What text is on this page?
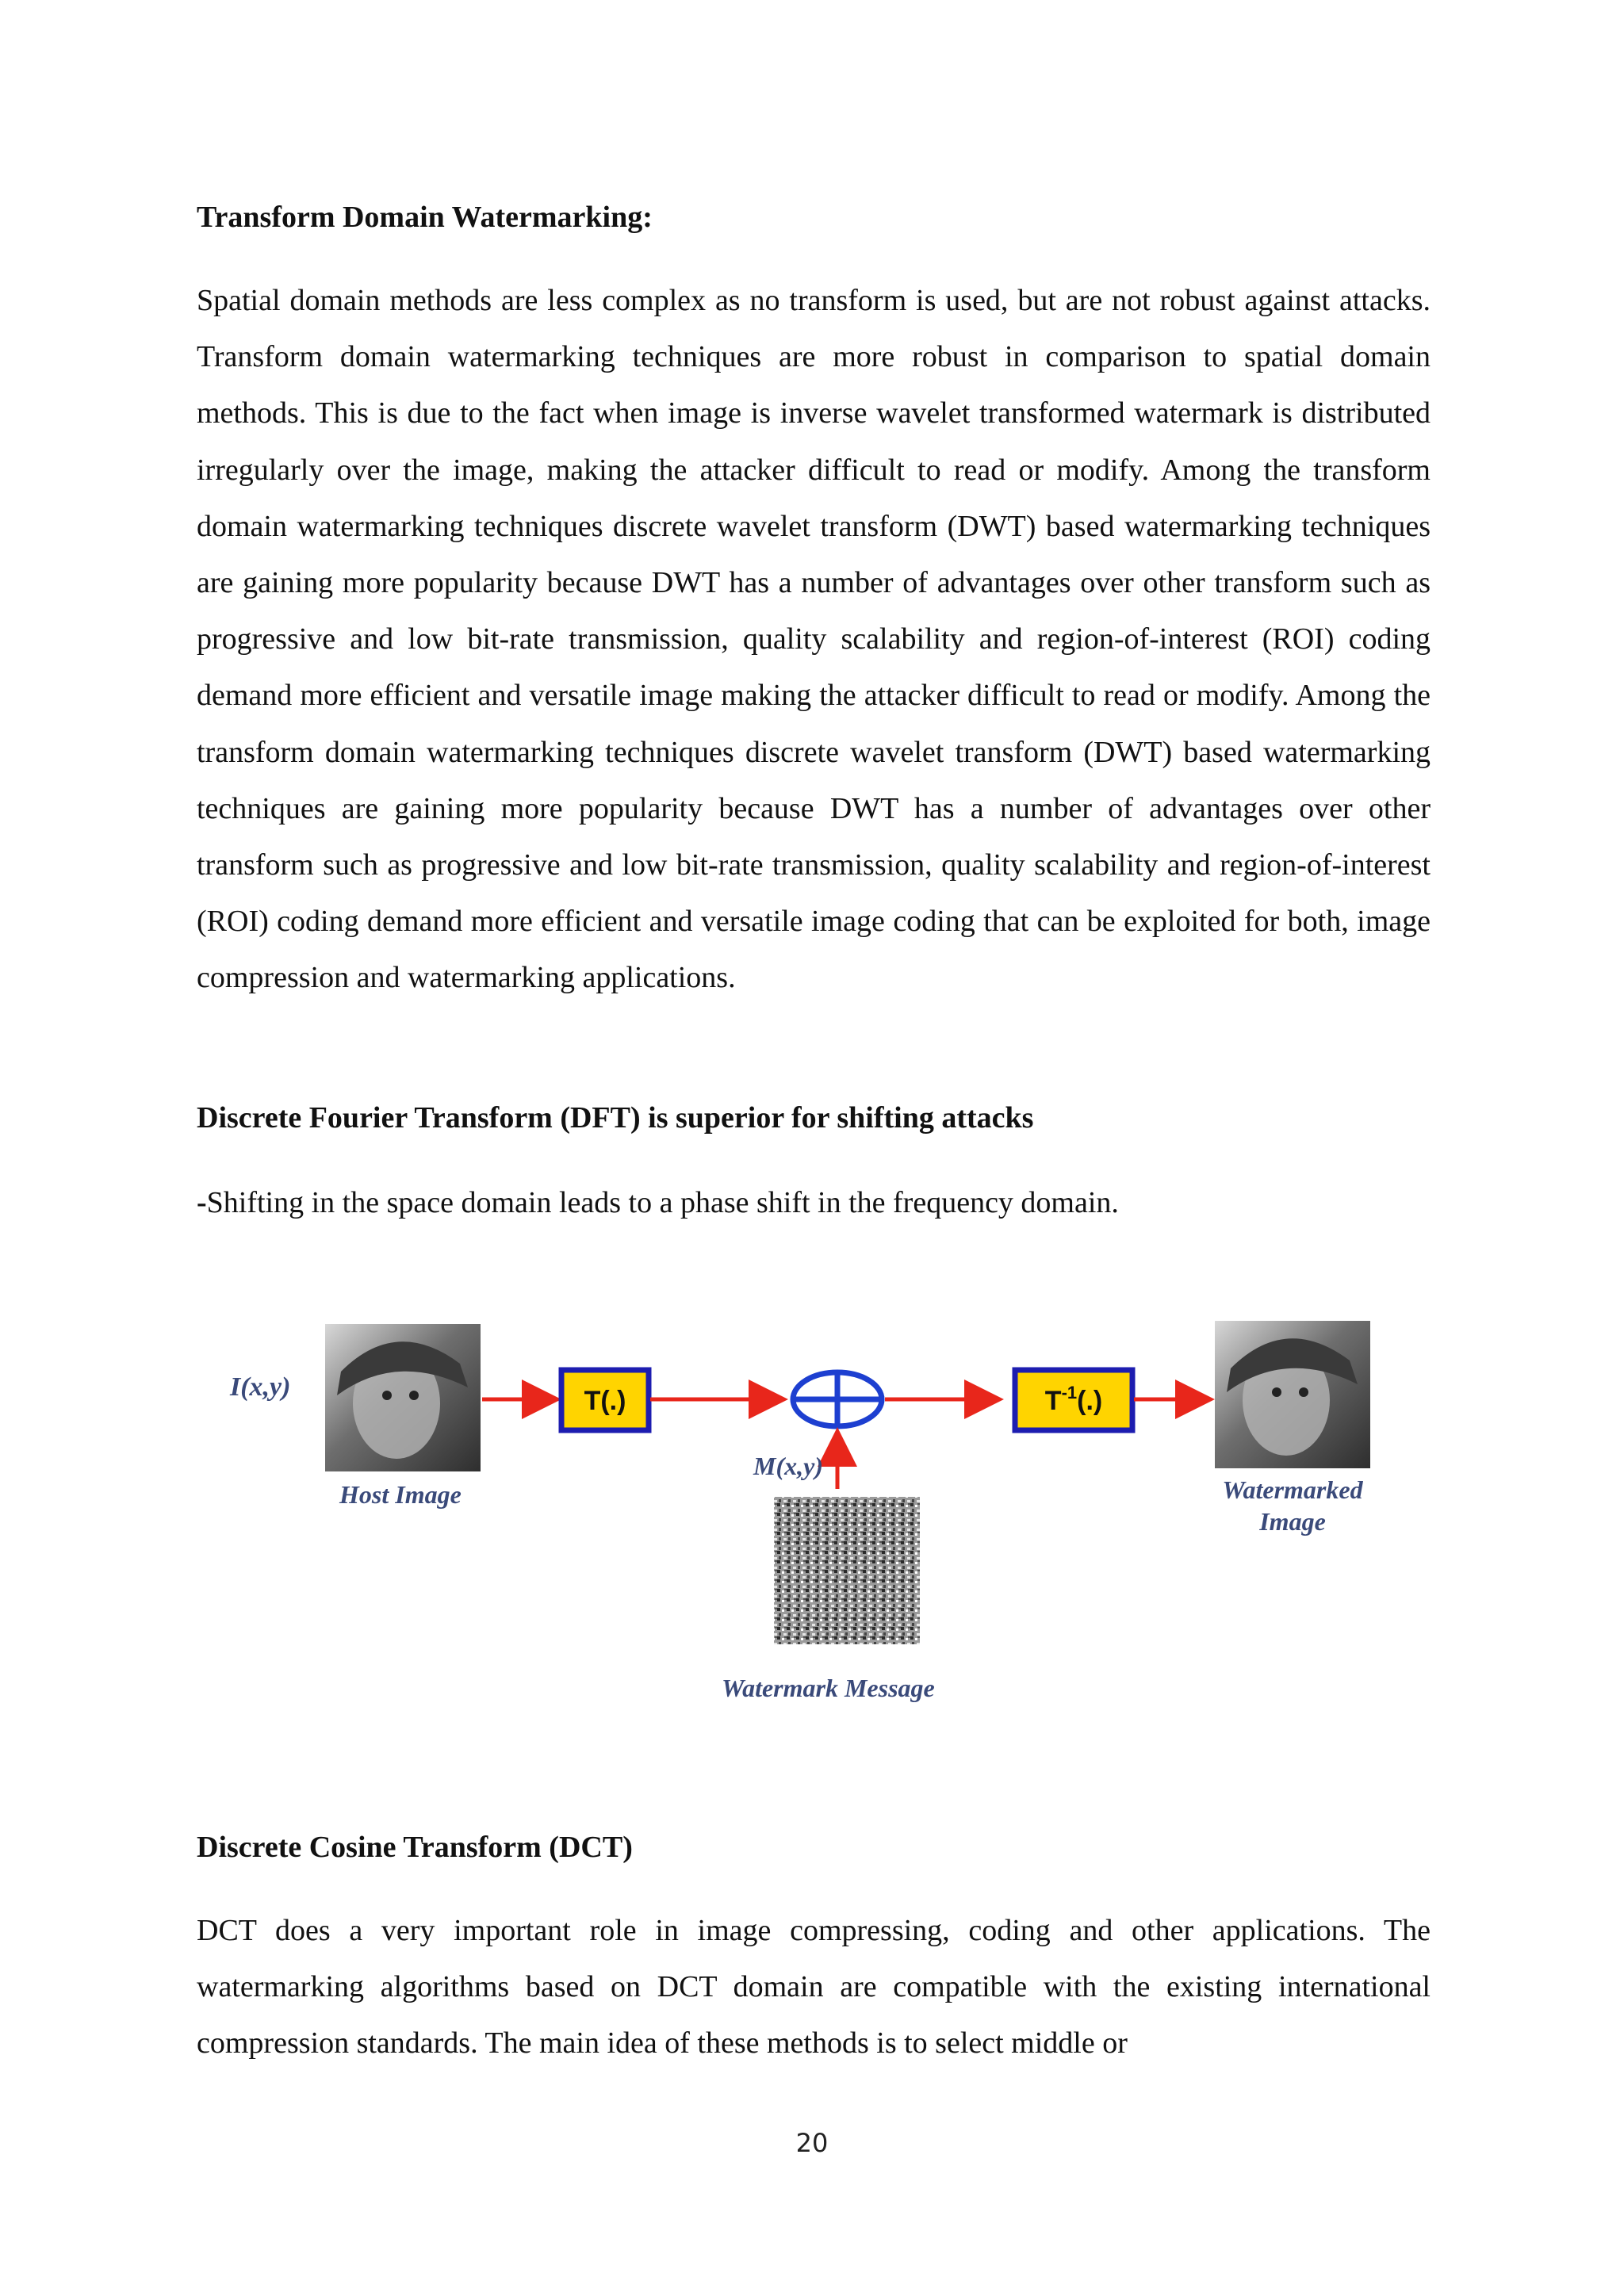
Transform Domain Watermarking:

Spatial domain methods are less complex as no transform is used, but are not robust against attacks. Transform domain watermarking techniques are more robust in comparison to spatial domain methods. This is due to the fact when image is inverse wavelet transformed watermark is distributed irregularly over the image, making the attacker difficult to read or modify. Among the transform domain watermarking techniques discrete wavelet transform (DWT) based watermarking techniques are gaining more popularity because DWT has a number of advantages over other transform such as progressive and low bit-rate transmission, quality scalability and region-of-interest (ROI) coding demand more efficient and versatile image making the attacker difficult to read or modify. Among the transform domain watermarking techniques discrete wavelet transform (DWT) based watermarking techniques are gaining more popularity because DWT has a number of advantages over other transform such as progressive and low bit-rate transmission, quality scalability and region-of-interest (ROI) coding demand more efficient and versatile image coding that can be exploited for both, image compression and watermarking applications.

Discrete Fourier Transform (DFT) is superior for shifting attacks

-Shifting in the space domain leads to a phase shift in the frequency domain.

I(x,y)
Host Image
T(.)
M(x,y)
Watermark Message
$T^{-1}(.)$
Watermarked
Image
Discrete Cosine Transform (DCT)

DCT does a very important role in image compressing, coding and other applications. The watermarking algorithms based on DCT domain are compatible with the existing international compression standards. The main idea of these methods is to select middle or

20
